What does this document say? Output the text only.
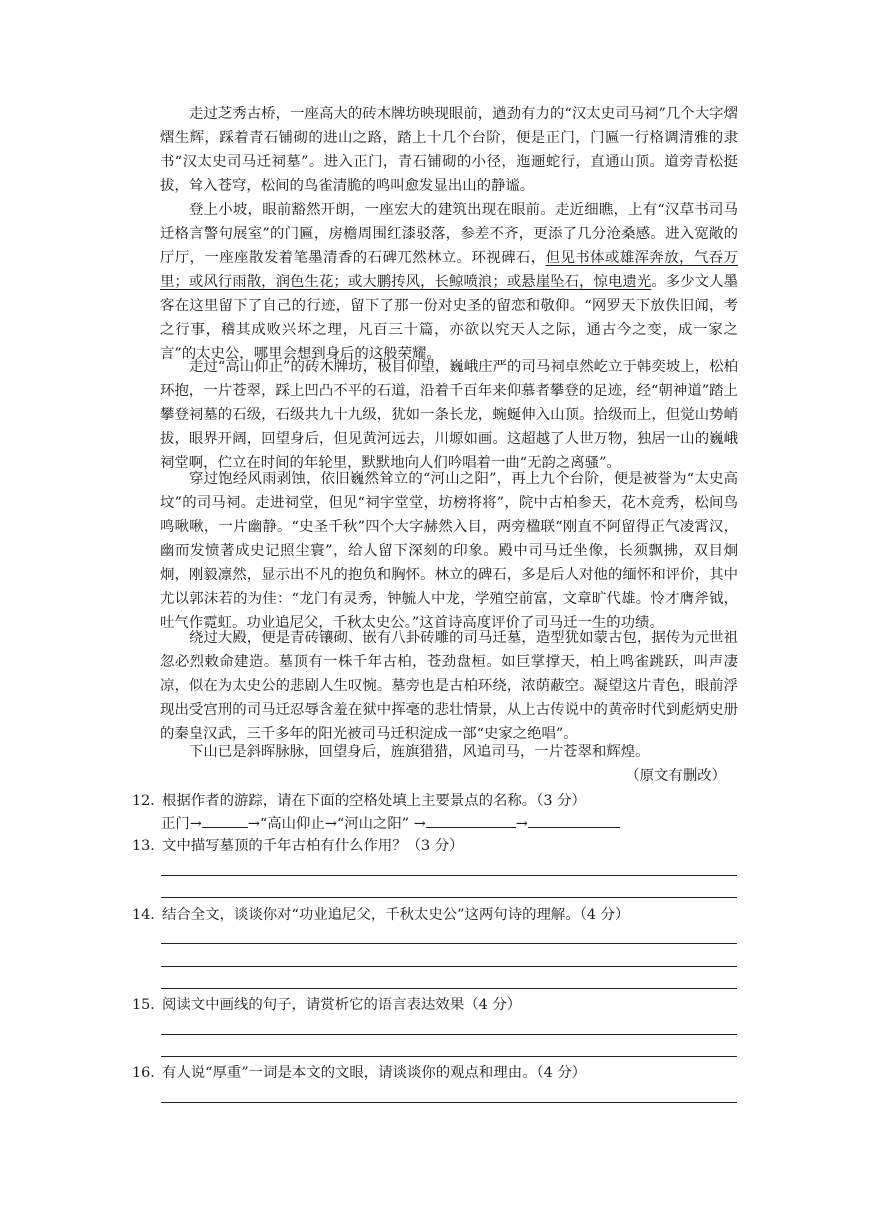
走过芝秀古桥，一座高大的砖木牌坊映现眼前，遒劲有力的“汉太史司马祠”几个大字熠熠生辉，踩着青石铺砌的进山之路，踏上十几个台阶，便是正门，门匾一行格调清雅的隶书“汉太史司马迁祠墓”。进入正门，青石铺砌的小径，迤逦蛇行，直通山顶。道旁青松挺拔，耸入苍穹，松间的鸟雀清脆的鸣叫愈发显出山的静谧。

登上小坡，眼前豁然开朗，一座宏大的建筑出现在眼前。走近细瞧，上有“汉草书司马迁格言警句展室”的门匾，房檐周围红漆驳落，参差不齐，更添了几分沧桑感。进入宽敞的厅厅，一座座散发着笔墨清香的石碑兀然林立。环视碑石，但见书体或雄浑奔放，气吞万里；或风行雨散，润色生花；或大鹏抟风，长鲸喷浪；或悬崖坠石，惊电遗光。多少文人墨客在这里留下了自己的行迹，留下了那一份对史圣的留恋和敬仰。“网罗天下放佚旧闻，考之行事，稽其成败兴坏之理，凡百三十篇，亦欲以究天人之际，通古今之变，成一家之言”的太史公，哪里会想到身后的这般荣耀。

走过“高山仰止”的砖木牌坊，极目仰望，巍峨庄严的司马祠卓然屹立于韩奕坡上，松柏环抱，一片苍翠，踩上凹凸不平的石道，沿着千百年来仰慕者攀登的足迹，经“朝神道”踏上攀登祠墓的石级，石级共九十九级，犹如一条长龙，蜿蜒伸入山顶。拾级而上，但觉山势峭拔，眼界开阔，回望身后，但见黄河远去，川塬如画。这超越了人世万物，独居一山的巍峨祠堂啊，伫立在时间的年轮里，默默地向人们吟唱着一曲“无韵之离骚”。

穿过饱经风雨剥蚀，依旧巍然耸立的“河山之阳”，再上九个台阶，便是被誉为“太史高坟”的司马祠。走进祠堂，但见“祠宇堂堂，坊榜将将”，院中古柏参天，花木竞秀，松间鸟鸣啾啾，一片幽静。“史圣千秋”四个大字赫然入目，两旁楹联“刚直不阿留得正气凌霄汉，幽而发愤著成史记照尘寰”，给人留下深刻的印象。殿中司马迁坐像，长须飘拂，双目炯炯，刚毅凛然，显示出不凡的抱负和胸怀。林立的碑石，多是后人对他的缅怀和评价，其中尤以郭沫若的为佳：“龙门有灵秀，钟毓人中龙，学殖空前富，文章旷代雄。怜才膺斧钺，吐气作霓虹。功业追尼父，千秋太史公。”这首诗高度评价了司马迁一生的功绩。

绕过大殿，便是青砖镶砌、嵌有八卦砖雕的司马迁墓，造型犹如蒙古包，据传为元世祖忽必烈敕命建造。墓顶有一株千年古柏，苍劲盘桓。如巨掌撑天，柏上鸣雀跳跃，叫声凄凉，似在为太史公的悲剧人生叹惋。墓旁也是古柏环绕，浓荫蔽空。凝望这片青色，眼前浮现出受宫刑的司马迁忍辱含羞在狱中挥毫的悲壮情景，从上古传说中的黄帝时代到彪炳史册的秦皇汉武，三千多年的阳光被司马迁积淀成一部“史家之绝唱”。

下山已是斜晖脉脉，回望身后，旌旗猎猎，风追司马，一片苍翠和辉煌。

（原文有删改）

12．根据作者的游踪，请在下面的空格处填上主要景点的名称。（3 分）

正门→	→“高山仰止→“河山之阳” →	→

13．文中描写墓顶的千年古柏有什么作用？（3 分）

14．结合全文，谈谈你对“功业追尼父，千秋太史公”这两句诗的理解。（4 分）

15．阅读文中画线的句子，请赏析它的语言表达效果（4 分）

16．有人说“厚重”一词是本文的文眼，请谈谈你的观点和理由。（4 分）
